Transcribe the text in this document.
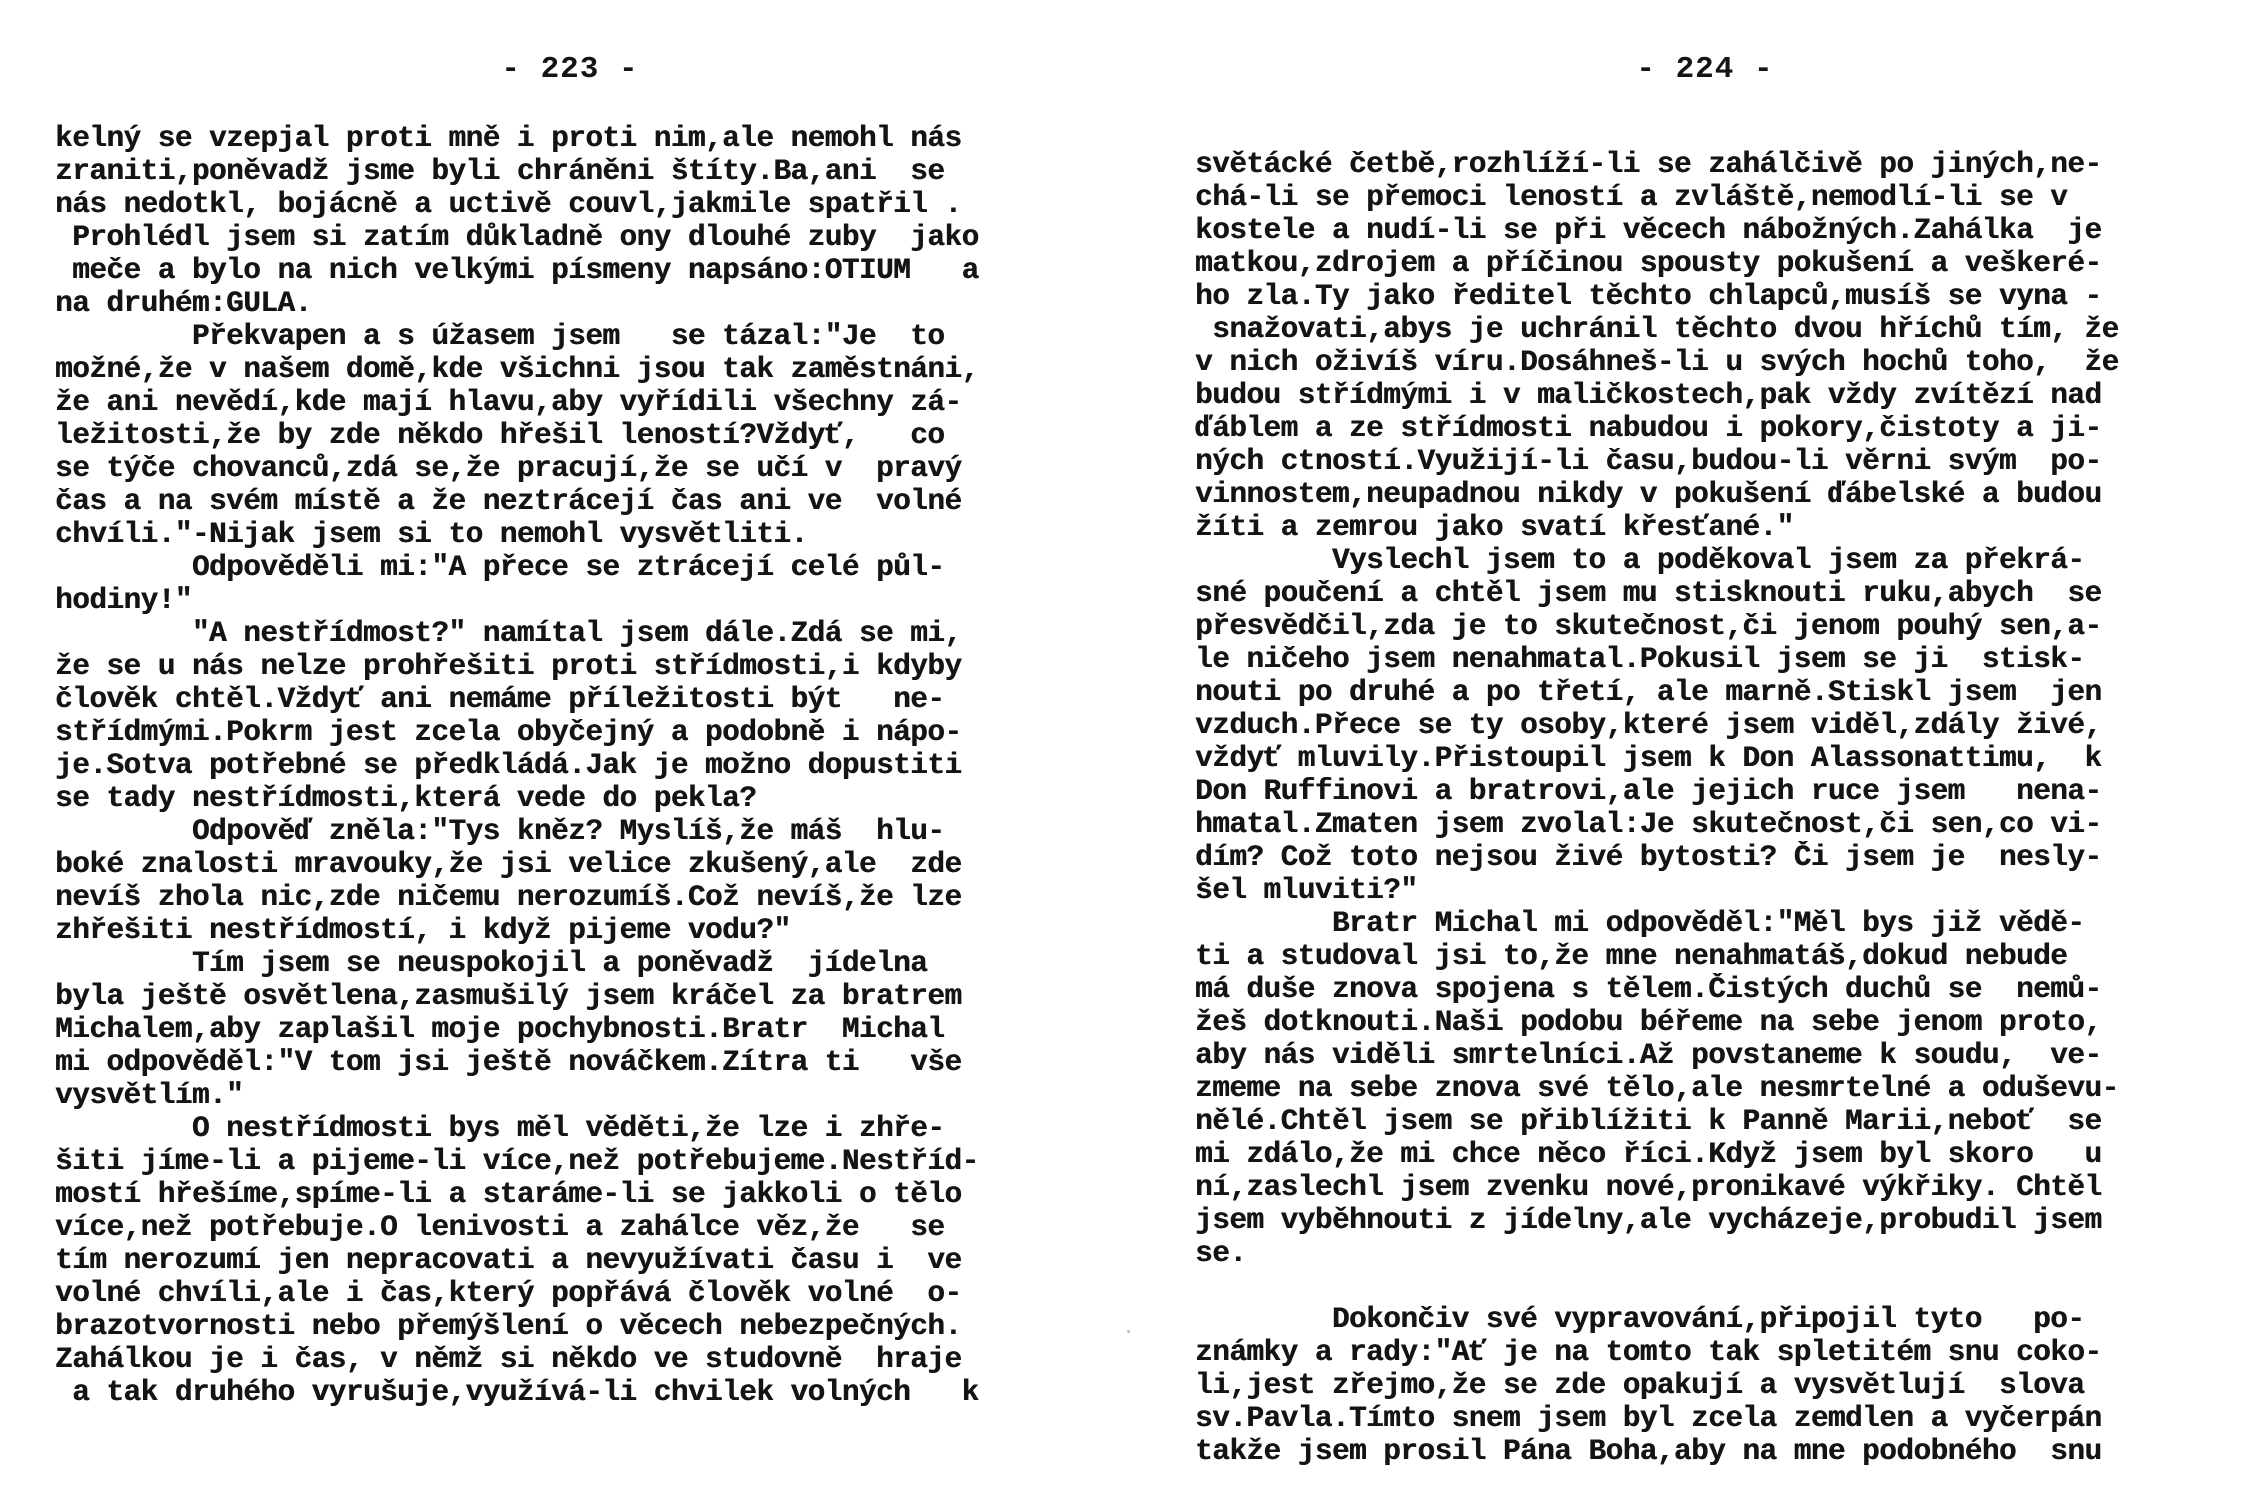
- 223 -
kelný se vzepjal proti mně i proti nim,ale nemohl nás
zraniti,poněvadž jsme byli chráněni štíty.Ba,ani  se
nás nedotkl, bojácně a uctivě couvl,jakmile spatřil .
Prohlédl jsem si zatím důkladně ony dlouhé zuby  jako
meče a bylo na nich velkými písmeny napsáno:OTIUM   a
na druhém:GULA.
Překvapen a s úžasem jsem   se tázal:"Je  to
možné,že v našem domě,kde všichni jsou tak zaměstnáni,
že ani nevědí,kde mají hlavu,aby vyřídili všechny zá-
ležitosti,že by zde někdo hřešil leností?Vždyť,   co
se týče chovanců,zdá se,že pracují,že se učí v  pravý
čas a na svém místě a že neztrácejí čas ani ve  volné
chvíli."-Nijak jsem si to nemohl vysvětliti.
Odpověděli mi:"A přece se ztrácejí celé půl-
hodiny!"
"A nestřídmost?" namítal jsem dále.Zdá se mi,
že se u nás nelze prohřešiti proti střídmosti,i kdyby
člověk chtěl.Vždyť ani nemáme příležitosti být   ne-
střídmými.Pokrm jest zcela obyčejný a podobně i nápo-
je.Sotva potřebné se předkládá.Jak je možno dopustiti
se tady nestřídmosti,která vede do pekla?
Odpověď zněla:"Tys kněz? Myslíš,že máš  hlu-
boké znalosti mravouky,že jsi velice zkušený,ale  zde
nevíš zhola nic,zde ničemu nerozumíš.Což nevíš,že lze
zhřešiti nestřídmostí, i když pijeme vodu?"
Tím jsem se neuspokojil a poněvadž  jídelna
byla ještě osvětlena,zasmušilý jsem kráčel za bratrem
Michalem,aby zaplašil moje pochybnosti.Bratr  Michal
mi odpověděl:"V tom jsi ještě nováčkem.Zítra ti   vše
vysvětlím."
O nestřídmosti bys měl věděti,že lze i zhře-
šiti jíme-li a pijeme-li více,než potřebujeme.Nestříd-
mostí hřešíme,spíme-li a staráme-li se jakkoli o tělo
více,než potřebuje.O lenivosti a zahálce věz,že   se
tím nerozumí jen nepracovati a nevyužívati času i  ve
volné chvíli,ale i čas,který popřává člověk volné  o-
brazotvornosti nebo přemýšlení o věcech nebezpečných.
Zahálkou je i čas, v němž si někdo ve studovně  hraje
a tak druhého vyrušuje,využívá-li chvilek volných   k
- 224 -
světácké četbě,rozhlíží-li se zahálčivě po jiných,ne-
chá-li se přemoci leností a zvláště,nemodlí-li se v
kostele a nudí-li se při věcech nábožných.Zahálka  je
matkou,zdrojem a příčinou spousty pokušení a veškeré-
ho zla.Ty jako ředitel těchto chlapců,musíš se vyna -
snažovati,abys je uchránil těchto dvou hříchů tím, že
v nich oživíš víru.Dosáhneš-li u svých hochů toho,  že
budou střídmými i v maličkostech,pak vždy zvítězí nad
ďáblem a ze střídmosti nabudou i pokory,čistoty a ji-
ných ctností.Využijí-li času,budou-li věrni svým  po-
vinnostem,neupadnou nikdy v pokušení ďábelské a budou
žíti a zemrou jako svatí křesťané."
Vyslechl jsem to a poděkoval jsem za překrá-
sné poučení a chtěl jsem mu stisknouti ruku,abych  se
přesvědčil,zda je to skutečnost,či jenom pouhý sen,a-
le ničeho jsem nenahmatal.Pokusil jsem se ji  stisk-
nouti po druhé a po třetí, ale marně.Stiskl jsem  jen
vzduch.Přece se ty osoby,které jsem viděl,zdály živé,
vždyť mluvily.Přistoupil jsem k Don Alassonattimu,  k
Don Ruffinovi a bratrovi,ale jejich ruce jsem   nena-
hmatal.Zmaten jsem zvolal:Je skutečnost,či sen,co vi-
dím? Což toto nejsou živé bytosti? Či jsem je  nesly-
šel mluviti?"
Bratr Michal mi odpověděl:"Měl bys již vědě-
ti a studoval jsi to,že mne nenahmatáš,dokud nebude
má duše znova spojena s tělem.Čistých duchů se  nemů-
žeš dotknouti.Naši podobu béřeme na sebe jenom proto,
aby nás viděli smrtelníci.Až povstaneme k soudu,  ve-
zmeme na sebe znova své tělo,ale nesmrtelné a oduševu-
nělé.Chtěl jsem se přiblížiti k Panně Marii,neboť  se
mi zdálo,že mi chce něco říci.Když jsem byl skoro   u
ní,zaslechl jsem zvenku nové,pronikavé výkřiky. Chtěl
jsem vyběhnouti z jídelny,ale vycházeje,probudil jsem
se.
Dokončiv své vypravování,připojil tyto   po-
známky a rady:"Ať je na tomto tak spletitém snu coko-
li,jest zřejmo,že se zde opakují a vysvětlují  slova
sv.Pavla.Tímto snem jsem byl zcela zemdlen a vyčerpán
takže jsem prosil Pána Boha,aby na mne podobného  snu
